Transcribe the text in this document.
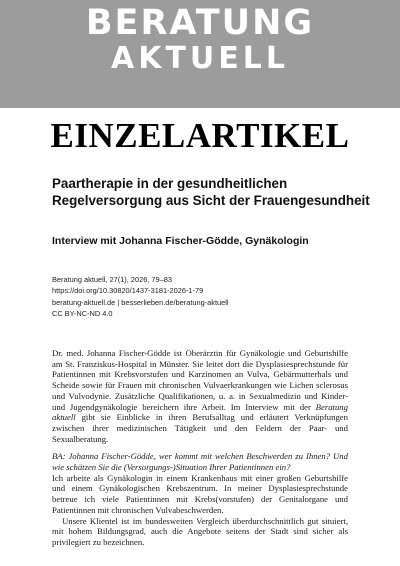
BERATUNG
AKTUELL
EINZELARTIKEL
Paartherapie in der gesundheitlichen Regelversorgung aus Sicht der Frauengesundheit
Interview mit Johanna Fischer-Gödde, Gynäkologin
Beratung aktuell, 27(1), 2026, 79–83
https://doi.org/10.30820/1437-3181-2026-1-79
beratung-aktuell.de | besserlieben.de/beratung-aktuell
CC BY-NC-ND 4.0

Dr. med. Johanna Fischer-Gödde ist Oberärztin für Gynäkologie und Geburtshilfe am St. Franziskus-Hospital in Münster. Sie leitet dort die Dysplasiesprechstunde für Patientinnen mit Krebsvorstufen und Karzinomen an Vulva, Gebärmutterhals und Scheide sowie für Frauen mit chronischen Vulvaerkrankungen wie Lichen sclerosus und Vulvodynie. Zusätzliche Qualifikationen, u. a. in Sexualmedizin und Kinder- und Jugendgynäkologie bereichern ihre Arbeit. Im Interview mit der Beratung aktuell gibt sie Einblicke in ihren Berufsalltag und erläutert Verknüpfungen zwischen ihrer medizinischen Tätigkeit und den Feldern der Paar- und Sexualberatung.

BA: Johanna Fischer-Gödde, wer kommt mit welchen Beschwerden zu Ihnen? Und wie schätzen Sie die (Versorgungs-)Situation Ihrer Patientinnen ein?

Ich arbeite als Gynäkologin in einem Krankenhaus mit einer großen Geburtshilfe und einem Gynäkologischen Krebszentrum. In meiner Dysplasiesprechstunde betreue ich viele Patientinnen mit Krebs(vorstufen) der Genitalorgane und Patientinnen mit chronischen Vulvabeschwerden.

Unsere Klientel ist im bundesweiten Vergleich überdurchschnittlich gut situiert, mit hohem Bildungsgrad, auch die Angebote seitens der Stadt sind sicher als privilegiert zu bezeichnen.
